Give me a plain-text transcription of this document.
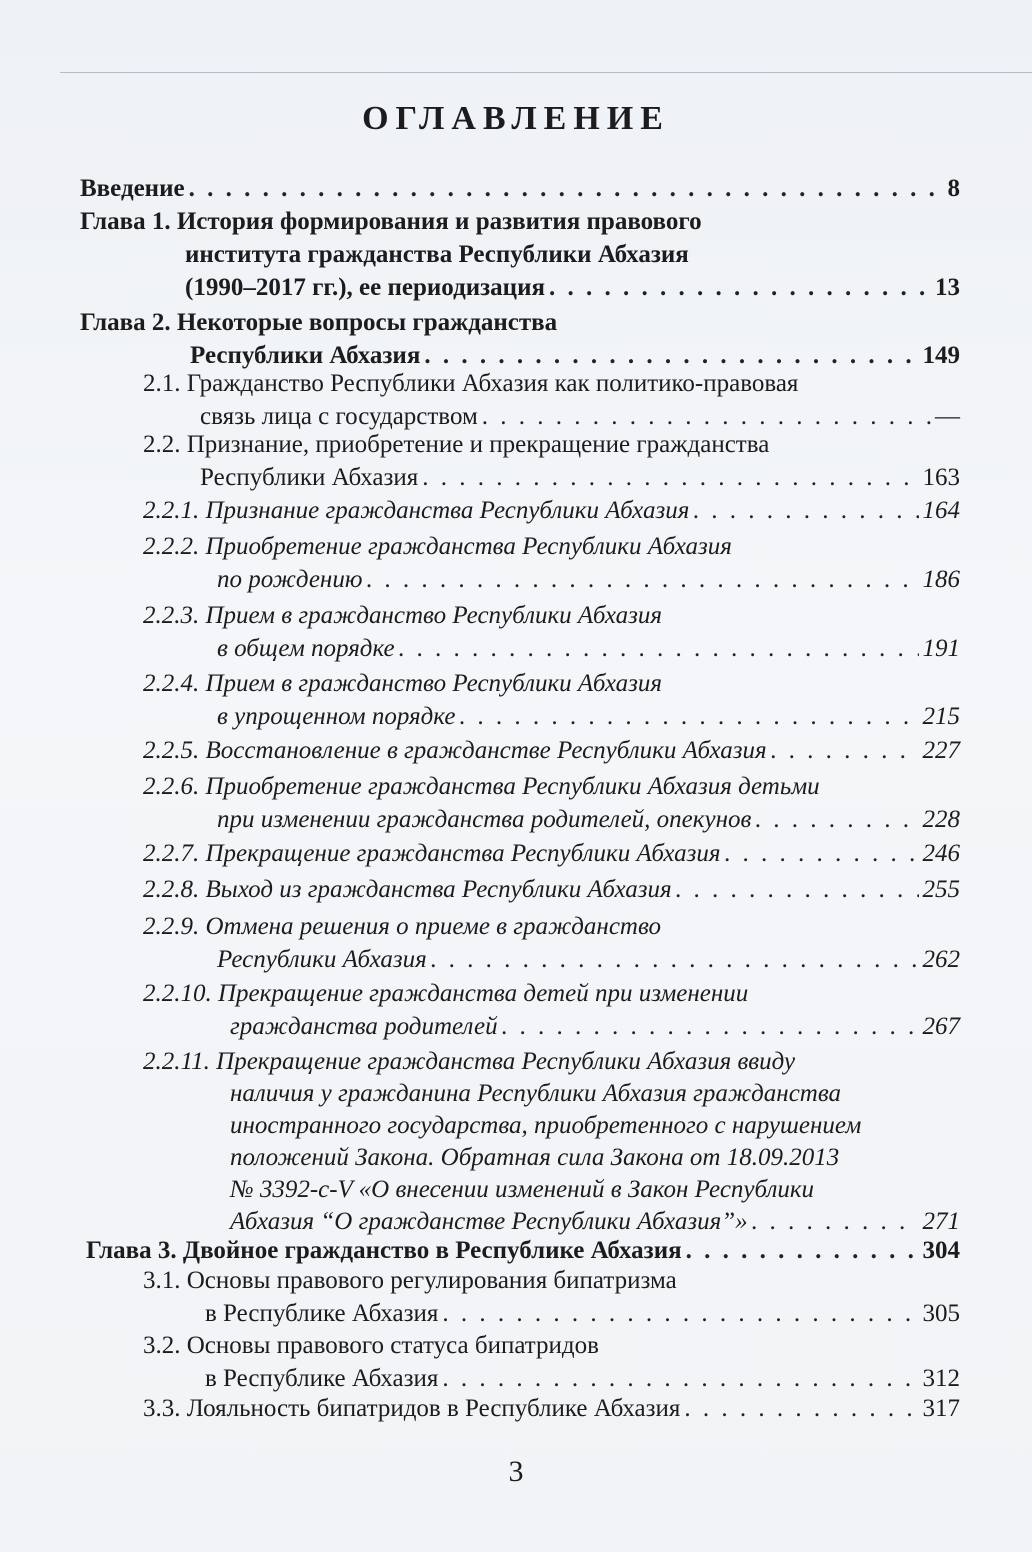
ОГЛАВЛЕНИЕ
Введение . . .	8
Глава 1. История формирования и развития правового
института гражданства Республики Абхазия
(1990–2017 гг.), ее периодизация . . .	13
Глава 2. Некоторые вопросы гражданства
Республики Абхазия . . .	149
2.1. Гражданство Республики Абхазия как политико-правовая
связь лица с государством . . .	—
2.2. Признание, приобретение и прекращение гражданства
Республики Абхазия . . .	163
2.2.1. Признание гражданства Республики Абхазия . . .	164
2.2.2. Приобретение гражданства Республики Абхазия
по рождению . . .	186
2.2.3. Прием в гражданство Республики Абхазия
в общем порядке . . .	191
2.2.4. Прием в гражданство Республики Абхазия
в упрощенном порядке . . .	215
2.2.5. Восстановление в гражданстве Республики Абхазия . . .	227
2.2.6. Приобретение гражданства Республики Абхазия детьми
при изменении гражданства родителей, опекунов . . .	228
2.2.7. Прекращение гражданства Республики Абхазия . . .	246
2.2.8. Выход из гражданства Республики Абхазия . . .	255
2.2.9. Отмена решения о приеме в гражданство
Республики Абхазия . . .	262
2.2.10. Прекращение гражданства детей при изменении
гражданства родителей . . .	267
2.2.11. Прекращение гражданства Республики Абхазия ввиду
наличия у гражданина Республики Абхазия гражданства
иностранного государства, приобретенного с нарушением
положений Закона. Обратная сила Закона от 18.09.2013
№ 3392-с-V «О внесении изменений в Закон Республики
Абхазия “О гражданстве Республики Абхазия”» . . .	271
Глава 3. Двойное гражданство в Республике Абхазия . . .	304
3.1. Основы правового регулирования бипатризма
в Республике Абхазия . . .	305
3.2. Основы правового статуса бипатридов
в Республике Абхазия . . .	312
3.3. Лояльность бипатридов в Республике Абхазия . . .	317
3
